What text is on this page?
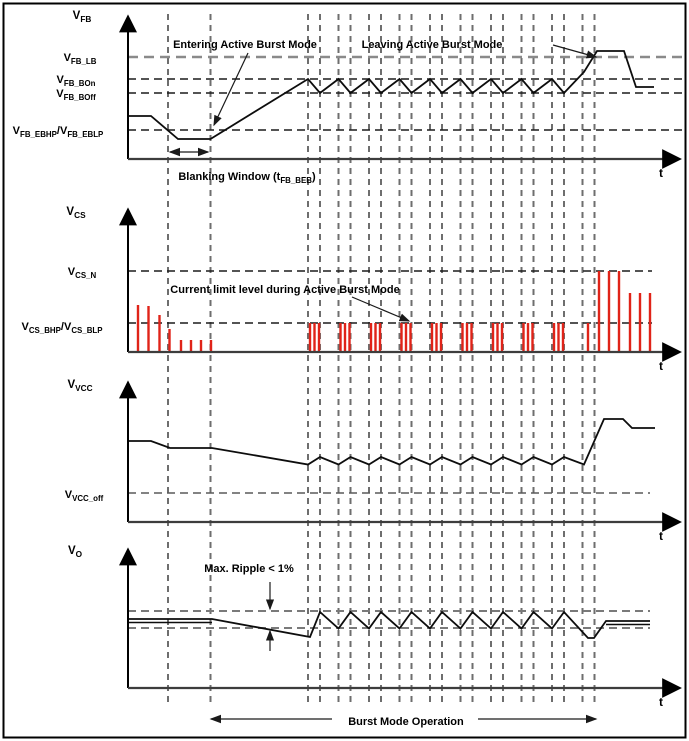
$V_{FB\_LB}$
$V_{FB\_BOn}$
$V_{FB\_BOff}$
$V_{FB\_EBHP}/V_{FB\_EBLP}$
t
$V_{FB}$
$V_{CS\_N}$
$V_{CS\_BHP}/V_{CS\_BLP}$
t
$V_{CS}$
$V_{VCC\_off}$
t
$V_{VCC}$
t
$V_O$
Entering Active Burst Mode	Leaving Active Burst Mode
Blanking Window $(t_{FB\_BEB})$
Current limit level during Active Burst Mode
Max. Ripple < 1%
Burst Mode Operation
